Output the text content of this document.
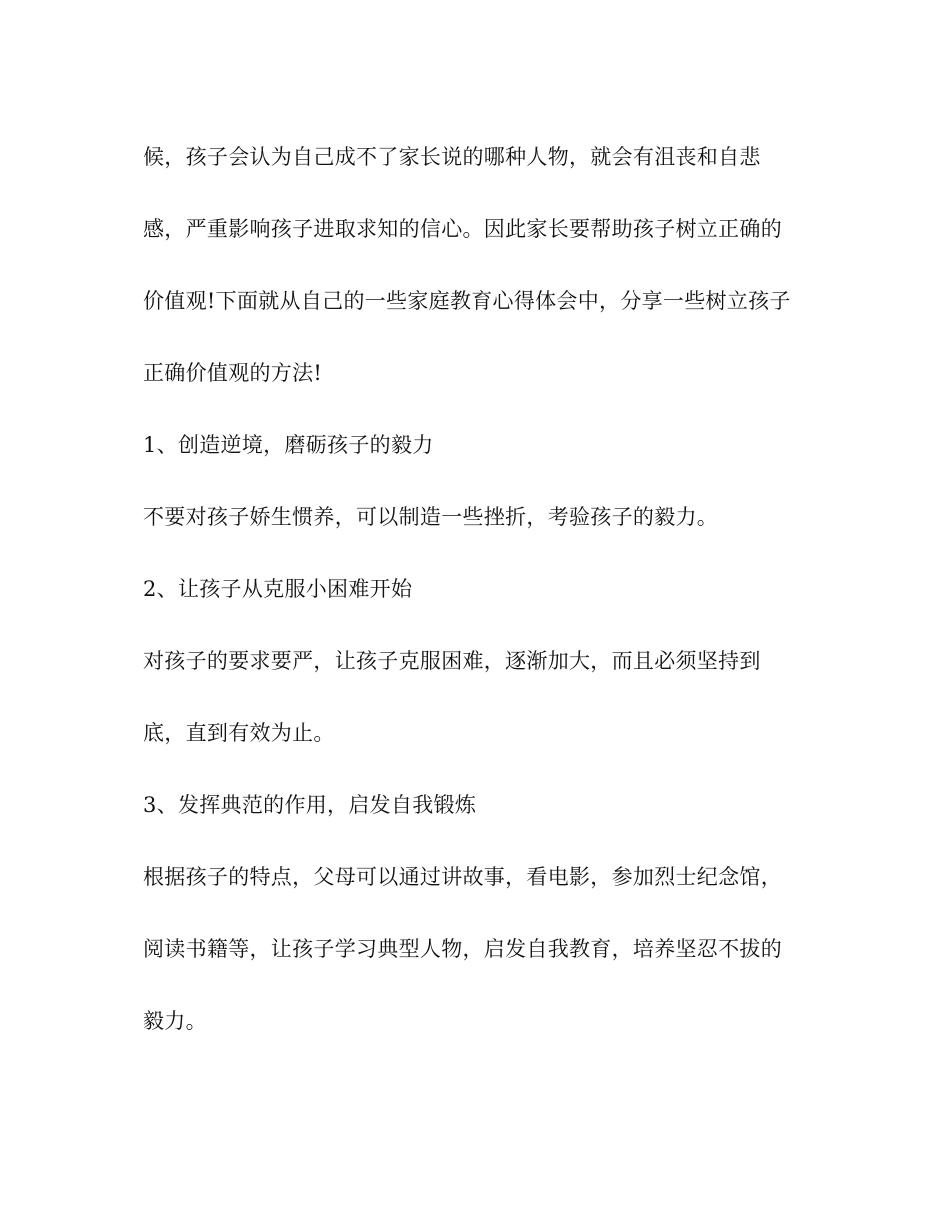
候，孩子会认为自己成不了家长说的哪种人物，就会有沮丧和自悲

感，严重影响孩子进取求知的信心。因此家长要帮助孩子树立正确的

价值观!下面就从自己的一些家庭教育心得体会中，分享一些树立孩子

正确价值观的方法!

1、创造逆境，磨砺孩子的毅力

不要对孩子娇生惯养，可以制造一些挫折，考验孩子的毅力。

2、让孩子从克服小困难开始

对孩子的要求要严，让孩子克服困难，逐渐加大，而且必须坚持到

底，直到有效为止。

3、发挥典范的作用，启发自我锻炼

根据孩子的特点，父母可以通过讲故事，看电影，参加烈士纪念馆，

阅读书籍等，让孩子学习典型人物，启发自我教育，培养坚忍不拔的

毅力。
